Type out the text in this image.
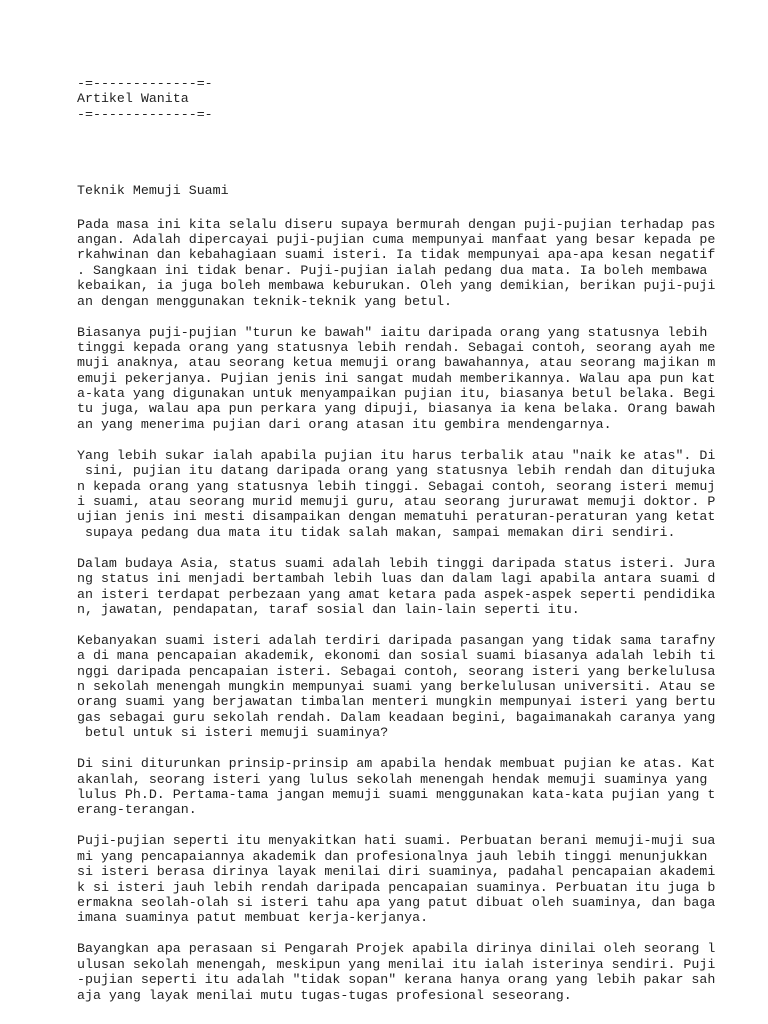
-=-------------=-
Artikel Wanita
-=-------------=-
Teknik Memuji Suami
Pada masa ini kita selalu diseru supaya bermurah dengan puji-pujian terhadap pas
angan. Adalah dipercayai puji-pujian cuma mempunyai manfaat yang besar kepada pe
rkahwinan dan kebahagiaan suami isteri. Ia tidak mempunyai apa-apa kesan negatif
. Sangkaan ini tidak benar. Puji-pujian ialah pedang dua mata. Ia boleh membawa
kebaikan, ia juga boleh membawa keburukan. Oleh yang demikian, berikan puji-puji
an dengan menggunakan teknik-teknik yang betul.
Biasanya puji-pujian "turun ke bawah" iaitu daripada orang yang statusnya lebih
tinggi kepada orang yang statusnya lebih rendah. Sebagai contoh, seorang ayah me
muji anaknya, atau seorang ketua memuji orang bawahannya, atau seorang majikan m
emuji pekerjanya. Pujian jenis ini sangat mudah memberikannya. Walau apa pun kat
a-kata yang digunakan untuk menyampaikan pujian itu, biasanya betul belaka. Begi
tu juga, walau apa pun perkara yang dipuji, biasanya ia kena belaka. Orang bawah
an yang menerima pujian dari orang atasan itu gembira mendengarnya.
Yang lebih sukar ialah apabila pujian itu harus terbalik atau "naik ke atas". Di
sini, pujian itu datang daripada orang yang statusnya lebih rendah dan ditujuka
n kepada orang yang statusnya lebih tinggi. Sebagai contoh, seorang isteri memuj
i suami, atau seorang murid memuji guru, atau seorang jururawat memuji doktor. P
ujian jenis ini mesti disampaikan dengan mematuhi peraturan-peraturan yang ketat
supaya pedang dua mata itu tidak salah makan, sampai memakan diri sendiri.
Dalam budaya Asia, status suami adalah lebih tinggi daripada status isteri. Jura
ng status ini menjadi bertambah lebih luas dan dalam lagi apabila antara suami d
an isteri terdapat perbezaan yang amat ketara pada aspek-aspek seperti pendidika
n, jawatan, pendapatan, taraf sosial dan lain-lain seperti itu.
Kebanyakan suami isteri adalah terdiri daripada pasangan yang tidak sama tarafny
a di mana pencapaian akademik, ekonomi dan sosial suami biasanya adalah lebih ti
nggi daripada pencapaian isteri. Sebagai contoh, seorang isteri yang berkelulusa
n sekolah menengah mungkin mempunyai suami yang berkelulusan universiti. Atau se
orang suami yang berjawatan timbalan menteri mungkin mempunyai isteri yang bertu
gas sebagai guru sekolah rendah. Dalam keadaan begini, bagaimanakah caranya yang
betul untuk si isteri memuji suaminya?
Di sini diturunkan prinsip-prinsip am apabila hendak membuat pujian ke atas. Kat
akanlah, seorang isteri yang lulus sekolah menengah hendak memuji suaminya yang
lulus Ph.D. Pertama-tama jangan memuji suami menggunakan kata-kata pujian yang t
erang-terangan.
Puji-pujian seperti itu menyakitkan hati suami. Perbuatan berani memuji-muji sua
mi yang pencapaiannya akademik dan profesionalnya jauh lebih tinggi menunjukkan
si isteri berasa dirinya layak menilai diri suaminya, padahal pencapaian akademi
k si isteri jauh lebih rendah daripada pencapaian suaminya. Perbuatan itu juga b
ermakna seolah-olah si isteri tahu apa yang patut dibuat oleh suaminya, dan baga
imana suaminya patut membuat kerja-kerjanya.
Bayangkan apa perasaan si Pengarah Projek apabila dirinya dinilai oleh seorang l
ulusan sekolah menengah, meskipun yang menilai itu ialah isterinya sendiri. Puji
-pujian seperti itu adalah "tidak sopan" kerana hanya orang yang lebih pakar sah
aja yang layak menilai mutu tugas-tugas profesional seseorang.
